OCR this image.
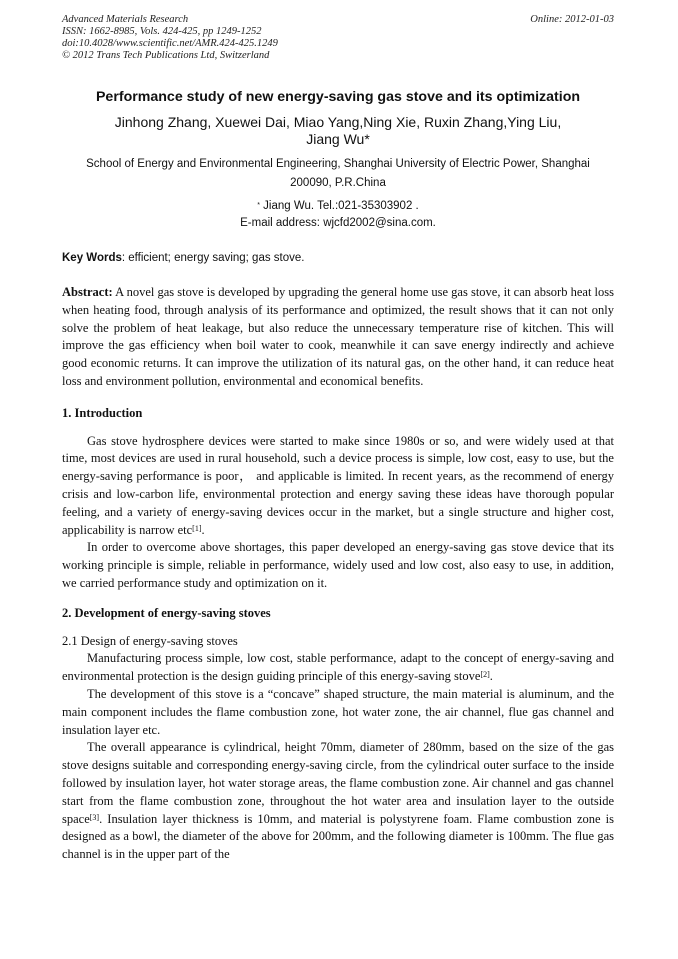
Advanced Materials Research
ISSN: 1662-8985, Vols. 424-425, pp 1249-1252
doi:10.4028/www.scientific.net/AMR.424-425.1249
© 2012 Trans Tech Publications Ltd, Switzerland
Online: 2012-01-03
Performance study of new energy-saving gas stove and its optimization
Jinhong Zhang, Xuewei Dai, Miao Yang,Ning Xie, Ruxin Zhang,Ying Liu,
Jiang Wu*
School of Energy and Environmental Engineering, Shanghai University of Electric Power, Shanghai
200090, P.R.China
* Jiang Wu. Tel.:021-35303902 .
E-mail address: wjcfd2002@sina.com.
Key Words: efficient; energy saving; gas stove.
Abstract: A novel gas stove is developed by upgrading the general home use gas stove, it can absorb heat loss when heating food, through analysis of its performance and optimized, the result shows that it can not only solve the problem of heat leakage, but also reduce the unnecessary temperature rise of kitchen. This will improve the gas efficiency when boil water to cook, meanwhile it can save energy indirectly and achieve good economic returns. It can improve the utilization of its natural gas, on the other hand, it can reduce heat loss and environment pollution, environmental and economical benefits.
1. Introduction

Gas stove hydrosphere devices were started to make since 1980s or so, and were widely used at that time, most devices are used in rural household, such a device process is simple, low cost, easy to use, but the energy-saving performance is poor， and applicable is limited. In recent years, as the recommend of energy crisis and low-carbon life, environmental protection and energy saving these ideas have thorough popular feeling, and a variety of energy-saving devices occur in the market, but a single structure and higher cost, applicability is narrow etc[1].

In order to overcome above shortages, this paper developed an energy-saving gas stove device that its working principle is simple, reliable in performance, widely used and low cost, also easy to use, in addition, we carried performance study and optimization on it.

2. Development of energy-saving stoves
2.1 Design of energy-saving stoves

Manufacturing process simple, low cost, stable performance, adapt to the concept of energy-saving and environmental protection is the design guiding principle of this energy-saving stove[2].

The development of this stove is a “concave” shaped structure, the main material is aluminum, and the main component includes the flame combustion zone, hot water zone, the air channel, flue gas channel and insulation layer etc.

The overall appearance is cylindrical, height 70mm, diameter of 280mm, based on the size of the gas stove designs suitable and corresponding energy-saving circle, from the cylindrical outer surface to the inside followed by insulation layer, hot water storage areas, the flame combustion zone. Air channel and gas channel start from the flame combustion zone, throughout the hot water area and insulation layer to the outside space[3]. Insulation layer thickness is 10mm, and material is polystyrene foam. Flame combustion zone is designed as a bowl, the diameter of the above for 200mm, and the following diameter is 100mm. The flue gas channel is in the upper part of the
